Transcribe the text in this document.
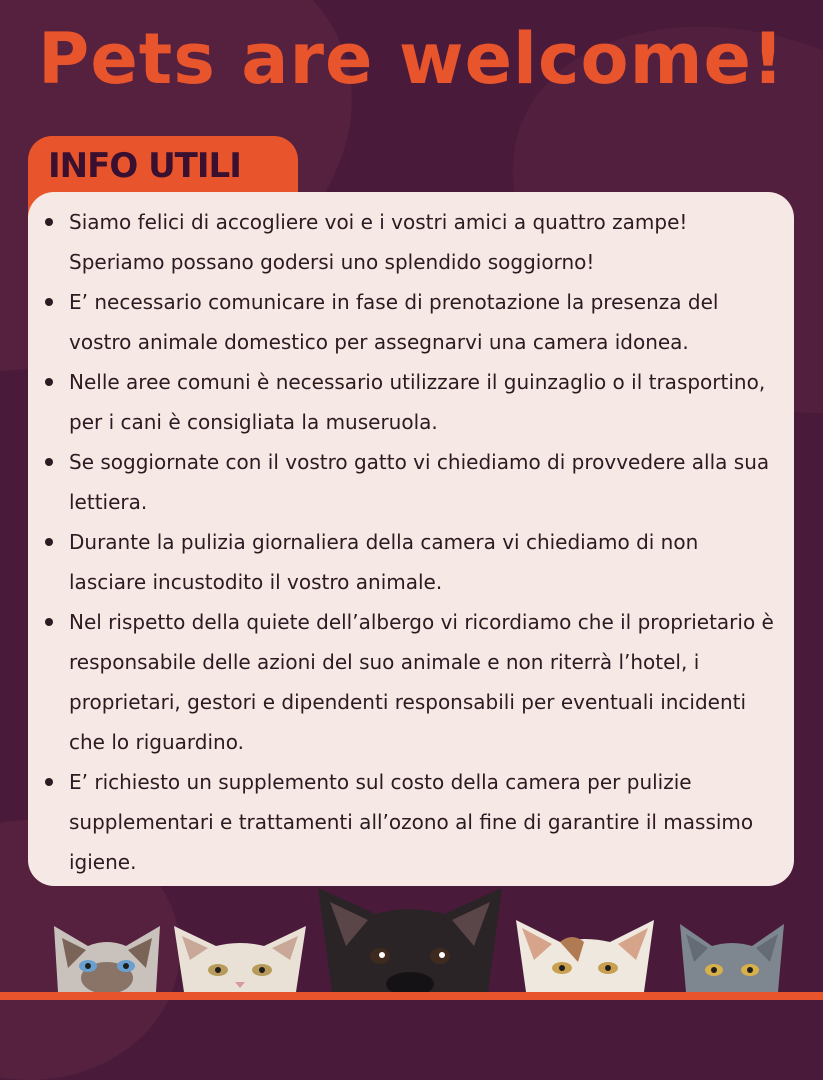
Pets are welcome!
INFO UTILI
Siamo felici di accogliere voi e i vostri amici a quattro zampe! Speriamo possano godersi uno splendido soggiorno!
E’ necessario comunicare in fase di prenotazione la presenza del vostro animale domestico per assegnarvi una camera idonea.
Nelle aree comuni è necessario utilizzare il guinzaglio o il trasportino, per i cani è consigliata la museruola.
Se soggiornate con il vostro gatto vi chiediamo di provvedere alla sua lettiera.
Durante la pulizia giornaliera della camera vi chiediamo di non lasciare incustodito il vostro animale.
Nel rispetto della quiete dell’albergo vi ricordiamo che il proprietario è responsabile delle azioni del suo animale e non riterrà l’hotel, i proprietari, gestori e dipendenti responsabili per eventuali incidenti che lo riguardino.
E’ richiesto un supplemento sul costo della camera per pulizie supplementari e trattamenti all’ozono al fine di garantire il massimo igiene.
